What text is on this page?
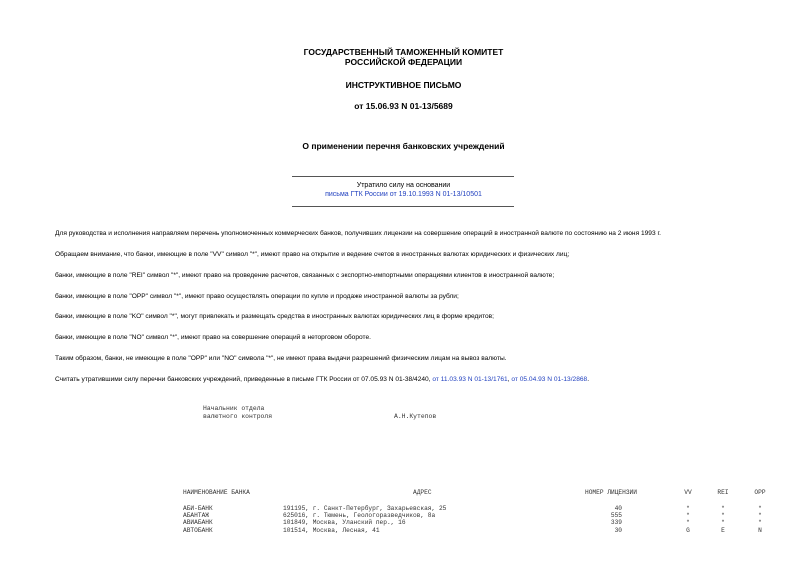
ГОСУДАРСТВЕННЫЙ ТАМОЖЕННЫЙ КОМИТЕТ
РОССИЙСКОЙ ФЕДЕРАЦИИ
ИНСТРУКТИВНОЕ ПИСЬМО
от 15.06.93 N 01-13/5689
О применении перечня банковских учреждений
Утратило силу на основании
письма ГТК России от 19.10.1993 N 01-13/10501
Для руководства и исполнения направляем перечень уполномоченных коммерческих банков, получивших лицензии на совершение операций в иностранной валюте по состоянию на 2 июня 1993 г.
Обращаем внимание, что банки, имеющие в поле "VV" символ "*", имеют право на открытие и ведение счетов в иностранных валютах юридических и физических лиц;
банки, имеющие в поле "REI" символ "*", имеют право на проведение расчетов, связанных с экспортно-импортными операциями клиентов в иностранной валюте;
банки, имеющие в поле "OPP" символ "*", имеют право осуществлять операции по купле и продаже иностранной валюты за рубли;
банки, имеющие в поле "KO" символ "*", могут привлекать и размещать средства в иностранных валютах юридических лиц в форме кредитов;
банки, имеющие в поле "NO" символ "*", имеют право на совершение операций в неторговом обороте.
Таким образом, банки, не имеющие в поле "OPP" или "NO" символа "*", не имеют права выдачи разрешений физическим лицам на вывоз валюты.
Считать утратившими силу перечни банковских учреждений, приведенные в письме ГТК России от 07.05.93 N 01-38/4240, от 11.03.93 N 01-13/1761, от 05.04.93 N 01-13/2868.
Начальник отдела
валютного контроля	А.Н.Кутепов
НАИМЕНОВАНИЕ БАНКА	АДРЕС	НОМЕР ЛИЦЕНЗИИ	VV	REI	OPP
АБИ-БАНК	191195, г. Санкт-Петербург, Захарьевская, 25	40	*	*	*
АБАНТАЖ	625016, г. Тюмень, Геологоразведчиков, 8а	555	*	*	*
АВИАБАНК	101849, Москва, Уланский пер., 16	339	*	*	*
АВТОБАНК	101514, Москва, Лесная, 41	30	G	E	N
